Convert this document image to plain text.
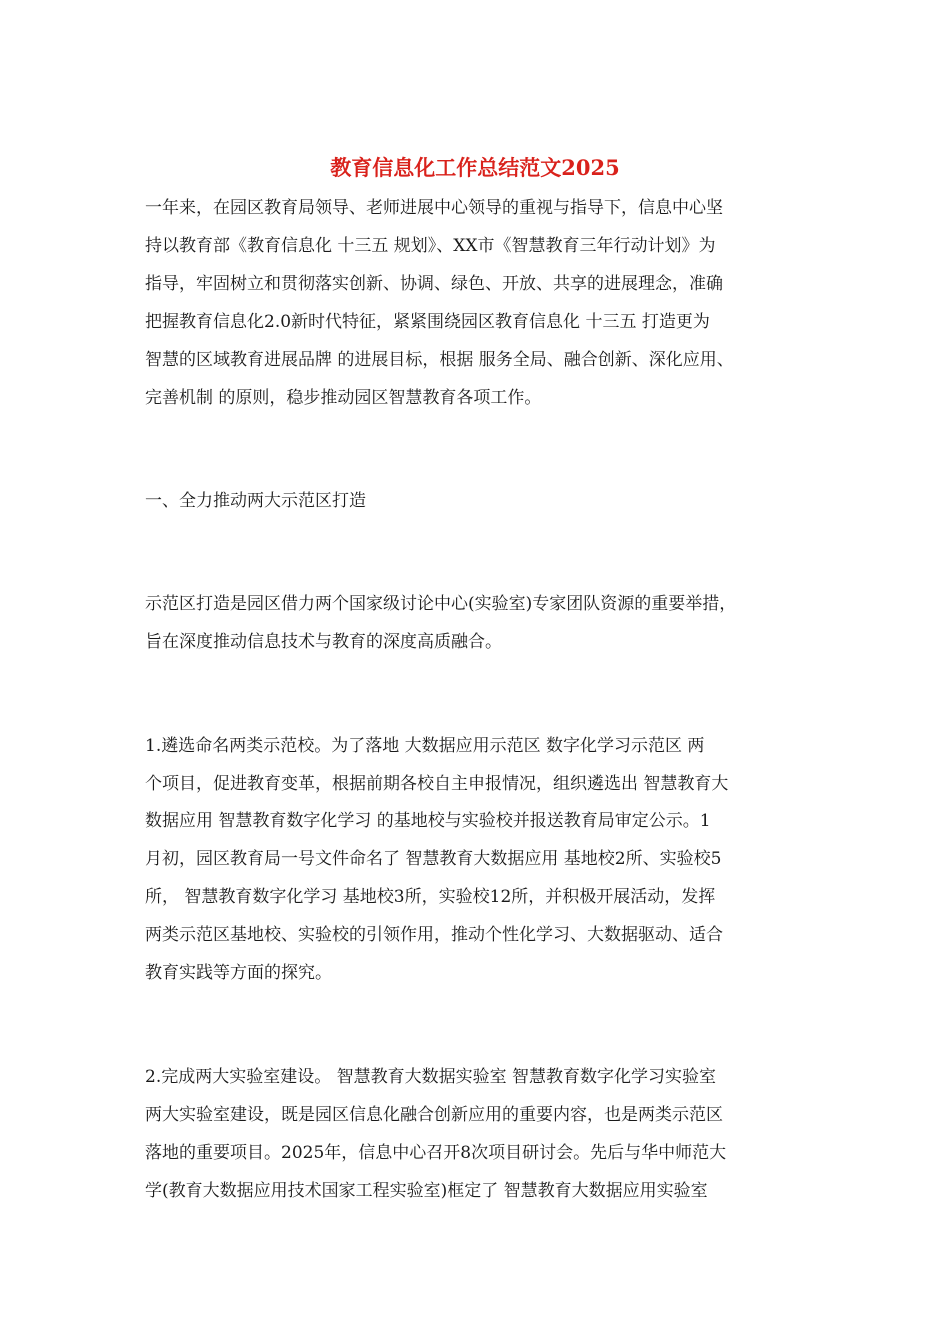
教育信息化工作总结范文2025

一年来，在园区教育局领导、老师进展中心领导的重视与指导下，信息中心坚

持以教育部《教育信息化 十三五 规划》、XX市《智慧教育三年行动计划》为

指导，牢固树立和贯彻落实创新、协调、绿色、开放、共享的进展理念，准确

把握教育信息化2.0新时代特征，紧紧围绕园区教育信息化 十三五 打造更为

智慧的区域教育进展品牌 的进展目标，根据 服务全局、融合创新、深化应用、

完善机制 的原则，稳步推动园区智慧教育各项工作。

一、全力推动两大示范区打造

示范区打造是园区借力两个国家级讨论中心(实验室)专家团队资源的重要举措，

旨在深度推动信息技术与教育的深度高质融合。

1.遴选命名两类示范校。为了落地 大数据应用示范区 数字化学习示范区 两

个项目，促进教育变革，根据前期各校自主申报情况，组织遴选出 智慧教育大

数据应用 智慧教育数字化学习 的基地校与实验校并报送教育局审定公示。1

月初，园区教育局一号文件命名了 智慧教育大数据应用 基地校2所、实验校5

所， 智慧教育数字化学习 基地校3所，实验校12所，并积极开展活动，发挥

两类示范区基地校、实验校的引领作用，推动个性化学习、大数据驱动、适合

教育实践等方面的探究。

2.完成两大实验室建设。 智慧教育大数据实验室 智慧教育数字化学习实验室

两大实验室建设，既是园区信息化融合创新应用的重要内容，也是两类示范区

落地的重要项目。2025年，信息中心召开8次项目研讨会。先后与华中师范大

学(教育大数据应用技术国家工程实验室)框定了 智慧教育大数据应用实验室
